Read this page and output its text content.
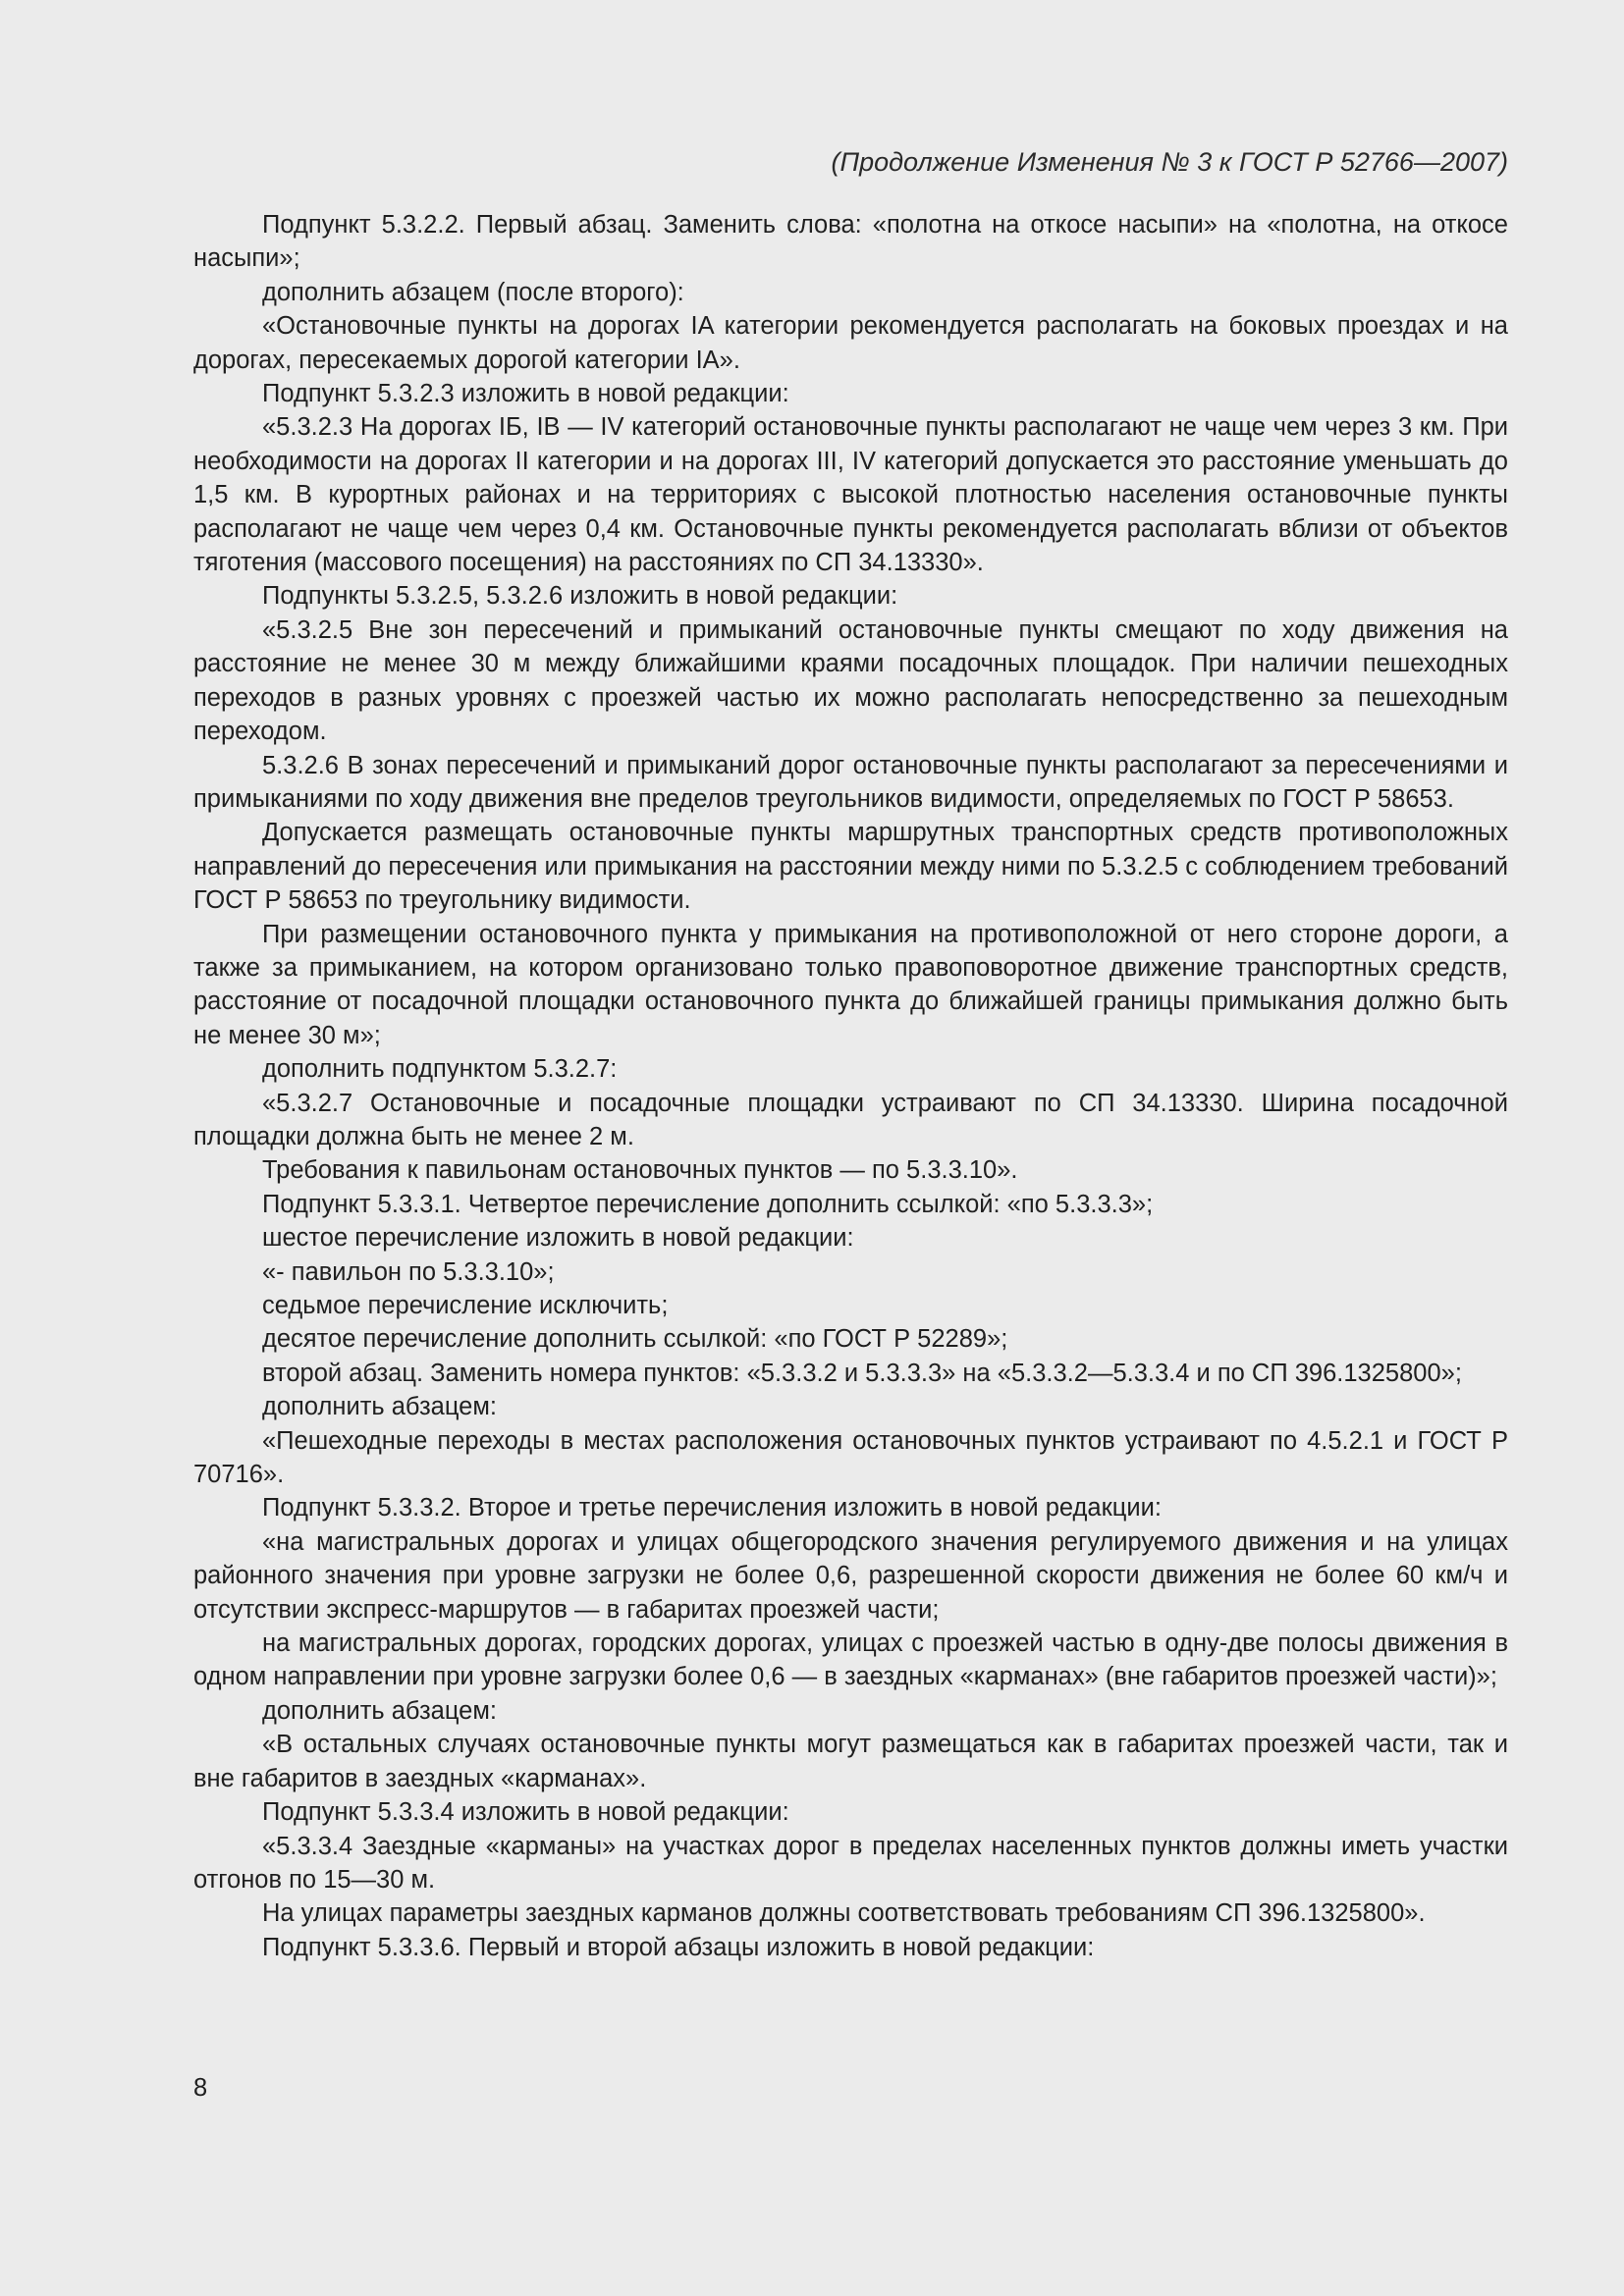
(Продолжение Изменения № 3 к ГОСТ Р 52766—2007)

Подпункт 5.3.2.2. Первый абзац. Заменить слова: «полотна на откосе насыпи» на «полотна, на откосе насыпи»;

дополнить абзацем (после второго):

«Остановочные пункты на дорогах IA категории рекомендуется располагать на боковых проездах и на дорогах, пересекаемых дорогой категории IA».

Подпункт 5.3.2.3 изложить в новой редакции:

«5.3.2.3 На дорогах IБ, IB — IV категорий остановочные пункты располагают не чаще чем через 3 км. При необходимости на дорогах II категории и на дорогах III, IV категорий допускается это расстояние уменьшать до 1,5 км. В курортных районах и на территориях с высокой плотностью населения остановочные пункты располагают не чаще чем через 0,4 км. Остановочные пункты рекомендуется располагать вблизи от объектов тяготения (массового посещения) на расстояниях по СП 34.13330».

Подпункты 5.3.2.5, 5.3.2.6 изложить в новой редакции:

«5.3.2.5 Вне зон пересечений и примыканий остановочные пункты смещают по ходу движения на расстояние не менее 30 м между ближайшими краями посадочных площадок. При наличии пешеходных переходов в разных уровнях с проезжей частью их можно располагать непосредственно за пешеходным переходом.

5.3.2.6 В зонах пересечений и примыканий дорог остановочные пункты располагают за пересечениями и примыканиями по ходу движения вне пределов треугольников видимости, определяемых по ГОСТ Р 58653.

Допускается размещать остановочные пункты маршрутных транспортных средств противоположных направлений до пересечения или примыкания на расстоянии между ними по 5.3.2.5 с соблюдением требований ГОСТ Р 58653 по треугольнику видимости.

При размещении остановочного пункта у примыкания на противоположной от него стороне дороги, а также за примыканием, на котором организовано только правоповоротное движение транспортных средств, расстояние от посадочной площадки остановочного пункта до ближайшей границы примыкания должно быть не менее 30 м»;

дополнить подпунктом 5.3.2.7:

«5.3.2.7 Остановочные и посадочные площадки устраивают по СП 34.13330. Ширина посадочной площадки должна быть не менее 2 м.

Требования к павильонам остановочных пунктов — по 5.3.3.10».

Подпункт 5.3.3.1. Четвертое перечисление дополнить ссылкой: «по 5.3.3.3»;

шестое перечисление изложить в новой редакции:

«- павильон по 5.3.3.10»;

седьмое перечисление исключить;

десятое перечисление дополнить ссылкой: «по ГОСТ Р 52289»;

второй абзац. Заменить номера пунктов: «5.3.3.2 и 5.3.3.3» на «5.3.3.2—5.3.3.4 и по СП 396.1325800»;

дополнить абзацем:

«Пешеходные переходы в местах расположения остановочных пунктов устраивают по 4.5.2.1 и ГОСТ Р 70716».

Подпункт 5.3.3.2. Второе и третье перечисления изложить в новой редакции:

«на магистральных дорогах и улицах общегородского значения регулируемого движения и на улицах районного значения при уровне загрузки не более 0,6, разрешенной скорости движения не более 60 км/ч и отсутствии экспресс-маршрутов — в габаритах проезжей части;

на магистральных дорогах, городских дорогах, улицах с проезжей частью в одну-две полосы движения в одном направлении при уровне загрузки более 0,6 — в заездных «карманах» (вне габаритов проезжей части)»;

дополнить абзацем:

«В остальных случаях остановочные пункты могут размещаться как в габаритах проезжей части, так и вне габаритов в заездных «карманах».

Подпункт 5.3.3.4 изложить в новой редакции:

«5.3.3.4 Заездные «карманы» на участках дорог в пределах населенных пунктов должны иметь участки отгонов по 15—30 м.

На улицах параметры заездных карманов должны соответствовать требованиям СП 396.1325800».

Подпункт 5.3.3.6. Первый и второй абзацы изложить в новой редакции:

8
